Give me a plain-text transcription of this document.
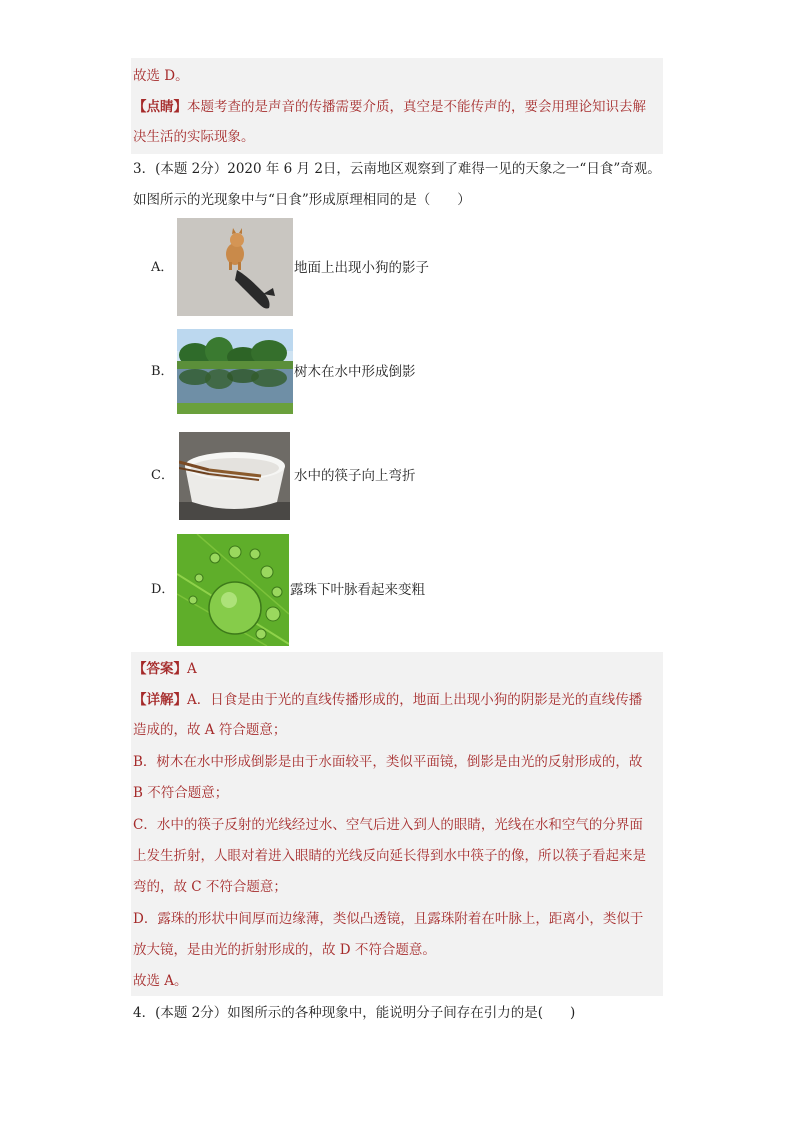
故选 D。
【点睛】本题考查的是声音的传播需要介质，真空是不能传声的，要会用理论知识去解
决生活的实际现象。
3．(本题 2分）2020 年 6 月 2日，云南地区观察到了难得一见的天象之一“日食”奇观。
如图所示的光现象中与“日食”形成原理相同的是（　　）
A．	地面上出现小狗的影子
B．	树木在水中形成倒影
C．	水中的筷子向上弯折
D．	露珠下叶脉看起来变粗
【答案】A
【详解】A．日食是由于光的直线传播形成的，地面上出现小狗的阴影是光的直线传播
造成的，故 A 符合题意；
B．树木在水中形成倒影是由于水面较平，类似平面镜，倒影是由光的反射形成的，故
B 不符合题意；
C．水中的筷子反射的光线经过水、空气后进入到人的眼睛，光线在水和空气的分界面
上发生折射，人眼对着进入眼睛的光线反向延长得到水中筷子的像，所以筷子看起来是
弯的，故 C 不符合题意；
D．露珠的形状中间厚而边缘薄，类似凸透镜，且露珠附着在叶脉上，距离小，类似于
放大镜，是由光的折射形成的，故 D 不符合题意。
故选 A。
4．(本题 2分）如图所示的各种现象中，能说明分子间存在引力的是(　　)
